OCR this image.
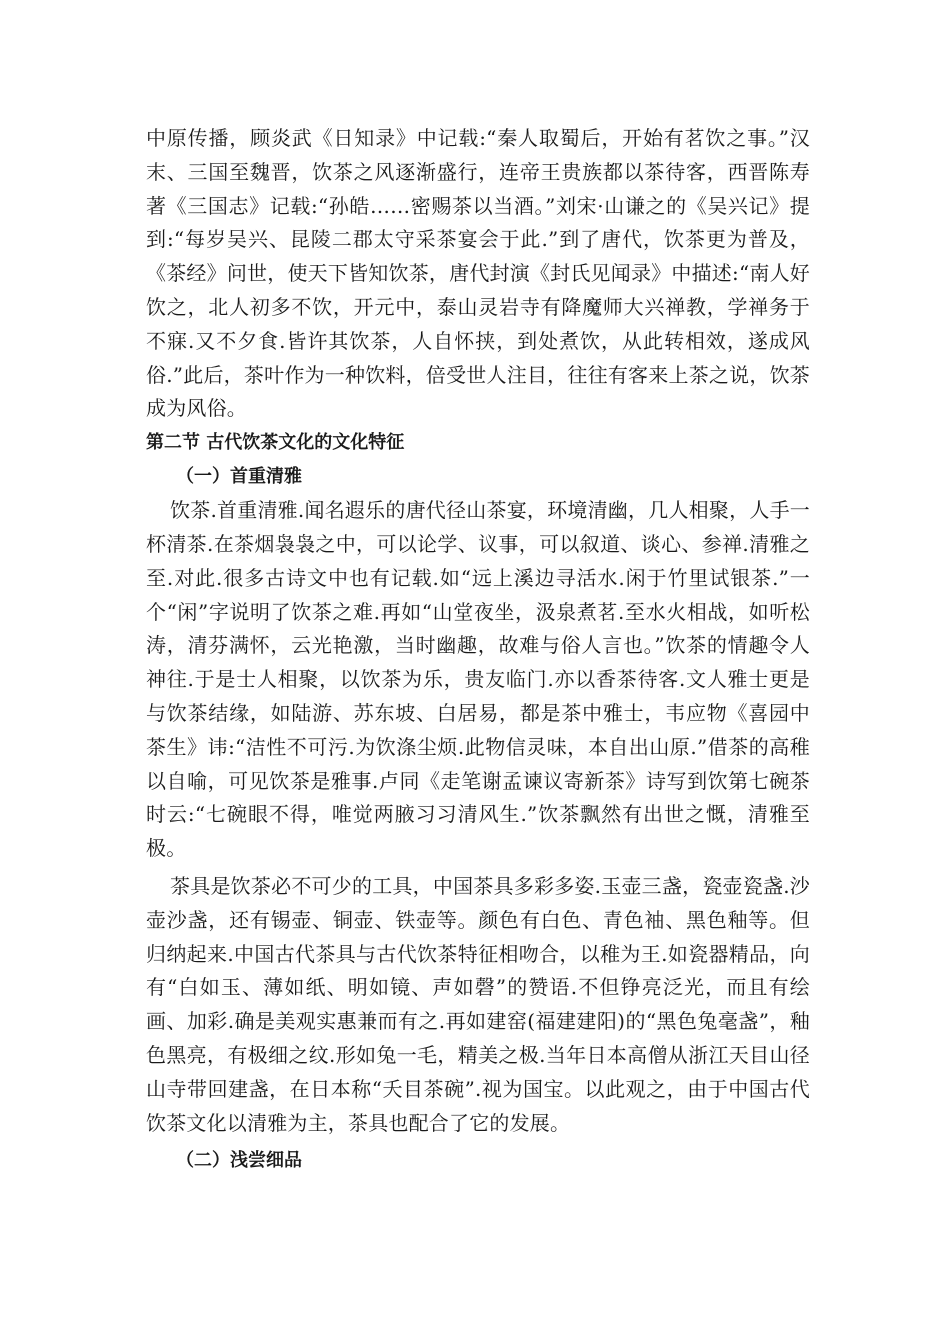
中原传播，顾炎武《日知录》中记载:“秦人取蜀后，开始有茗饮之事。”汉末、三国至魏晋，饮茶之风逐渐盛行，连帝王贵族都以茶待客，西晋陈寿著《三国志》记载:“孙皓……密赐茶以当酒。”刘宋·山谦之的《吴兴记》提到:“每岁吴兴、昆陵二郡太守采茶宴会于此.”到了唐代，饮茶更为普及，《茶经》问世，使天下皆知饮茶，唐代封演《封氏见闻录》中描述:“南人好饮之，北人初多不饮，开元中，泰山灵岩寺有降魔师大兴禅教，学禅务于不寐.又不夕食.皆许其饮茶，人自怀挟，到处煮饮，从此转相效，遂成风俗.”此后，茶叶作为一种饮料，倍受世人注目，往往有客来上茶之说，饮茶成为风俗。

第二节 古代饮茶文化的文化特征
（一）首重清雅

饮茶.首重清雅.闻名遐乐的唐代径山茶宴，环境清幽，几人相聚，人手一杯清茶.在茶烟袅袅之中，可以论学、议事，可以叙道、谈心、参禅.清雅之至.对此.很多古诗文中也有记载.如“远上溪边寻活水.闲于竹里试银茶.”一个“闲”字说明了饮茶之难.再如“山堂夜坐，汲泉煮茗.至水火相战，如听松涛，清芬满怀，云光艳激，当时幽趣，故难与俗人言也。”饮茶的情趣令人神往.于是士人相聚，以饮茶为乐，贵友临门.亦以香茶待客.文人雅士更是与饮茶结缘，如陆游、苏东坡、白居易，都是茶中雅士，韦应物《喜园中茶生》讳:“洁性不可污.为饮涤尘烦.此物信灵味，本自出山原.”借茶的高稚以自喻，可见饮茶是雅事.卢同《走笔谢孟谏议寄新茶》诗写到饮第七碗茶时云:“七碗眼不得，唯觉两腋习习清风生.”饮茶飘然有出世之慨，清雅至极。

茶具是饮茶必不可少的工具，中国茶具多彩多姿.玉壶三盏，瓷壶瓷盏.沙壶沙盏，还有锡壶、铜壶、铁壶等。颜色有白色、青色袖、黑色釉等。但归纳起来.中国古代茶具与古代饮茶特征相吻合，以稚为王.如瓷器精品，向有“白如玉、薄如纸、明如镜、声如磬”的赞语.不但铮亮泛光，而且有绘画、加彩.确是美观实惠兼而有之.再如建窑(福建建阳)的“黑色兔毫盏”，釉色黑亮，有极细之纹.形如兔一毛，精美之极.当年日本高僧从浙江天目山径山寺带回建盏，在日本称“夭目茶碗”.视为国宝。以此观之，由于中国古代饮茶文化以清雅为主，茶具也配合了它的发展。

（二）浅尝细品
